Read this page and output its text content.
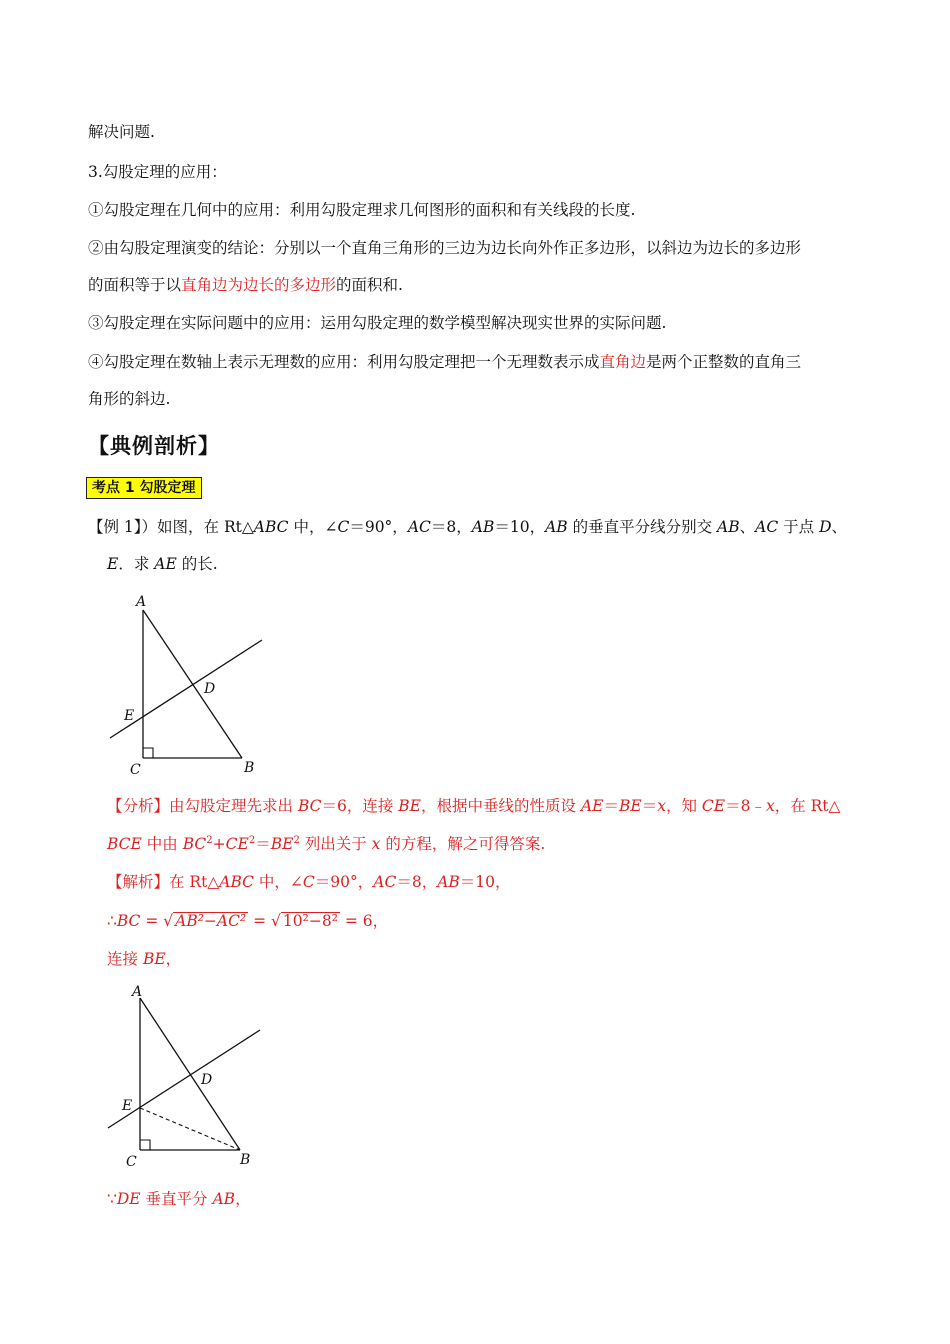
解决问题.
3.勾股定理的应用：
①勾股定理在几何中的应用：利用勾股定理求几何图形的面积和有关线段的长度.
②由勾股定理演变的结论：分别以一个直角三角形的三边为边长向外作正多边形，以斜边为边长的多边形
的面积等于以直角边为边长的多边形的面积和.
③勾股定理在实际问题中的应用：运用勾股定理的数学模型解决现实世界的实际问题.
④勾股定理在数轴上表示无理数的应用：利用勾股定理把一个无理数表示成直角边是两个正整数的直角三
角形的斜边.
【典例剖析】
考点 1 勾股定理
【例 1】）如图，在 Rt△ABC 中，∠C＝90°，AC＝8，AB＝10，AB 的垂直平分线分别交 AB、AC 于点 D、
E．求 AE 的长.
A
B
C
D
E
【分析】由勾股定理先求出 BC＝6，连接 BE，根据中垂线的性质设 AE＝BE＝x，知 CE＝8﹣x，在 Rt△
BCE 中由 $BC^2+CE^2=BE^2$ 列出关于 x 的方程，解之可得答案.
【解析】在 Rt△ABC 中，∠C＝90°，AC＝8，AB＝10，
∴BC = √ AB²−AC² = √ 10²−8² = 6，
连接 BE，
A
B
C
D
E
∵DE 垂直平分 AB，
